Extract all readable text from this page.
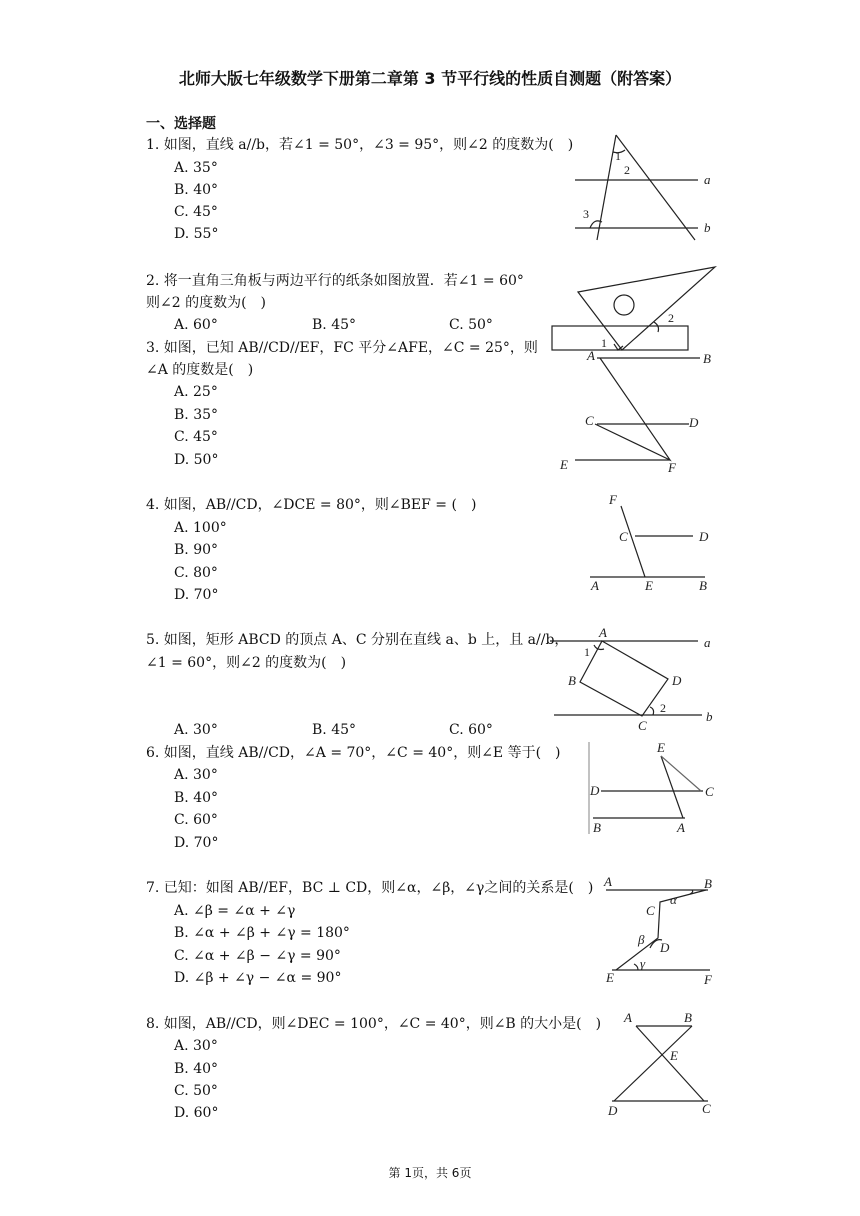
北师大版七年级数学下册第二章第 3 节平行线的性质自测题（附答案）
一、选择题
1. 如图，直线 a//b，若∠1 = 50°，∠3 = 95°，则∠2 的度数为(　)
A. 35°
B. 40°
C. 45°
D. 55°
1
2
a
3
b
2. 将一直角三角板与两边平行的纸条如图放置．若∠1 = 60°
则∠2 的度数为(　)
A. 60°	B. 45°	C. 50°	2
1
3. 如图，已知 AB//CD//EF，FC 平分∠AFE，∠C = 25°，则
∠A 的度数是(　)
A. 25°
B. 35°
C. 45°
D. 50°
A	B
C	D
E	F
4. 如图，AB//CD，∠DCE = 80°，则∠BEF = (　)
A. 100°
B. 90°
C. 80°
D. 70°
F
C	D
A	E	B
5. 如图，矩形 ABCD 的顶点 A、C 分别在直线 a、b 上，且 a//b，
∠1 = 60°，则∠2 的度数为(　)
A. 30°	B. 45°	C. 60°
A
a
1
B	D
2
C
b
6. 如图，直线 AB//CD，∠A = 70°，∠C = 40°，则∠E 等于(　)
A. 30°
B. 40°
C. 60°
D. 70°
E
D	C
B	A
7. 已知：如图 AB//EF，BC ⊥ CD，则∠α，∠β，∠γ之间的关系是(　)
A. ∠β = ∠α + ∠γ
B. ∠α + ∠β + ∠γ = 180°
C. ∠α + ∠β − ∠γ = 90°
D. ∠β + ∠γ − ∠α = 90°
A	B
α
C
β
D
γ
E	F
8. 如图，AB//CD，则∠DEC = 100°，∠C = 40°，则∠B 的大小是(　)
A. 30°
B. 40°
C. 50°
D. 60°
A	B
E
D	C
第 1页，共 6页
